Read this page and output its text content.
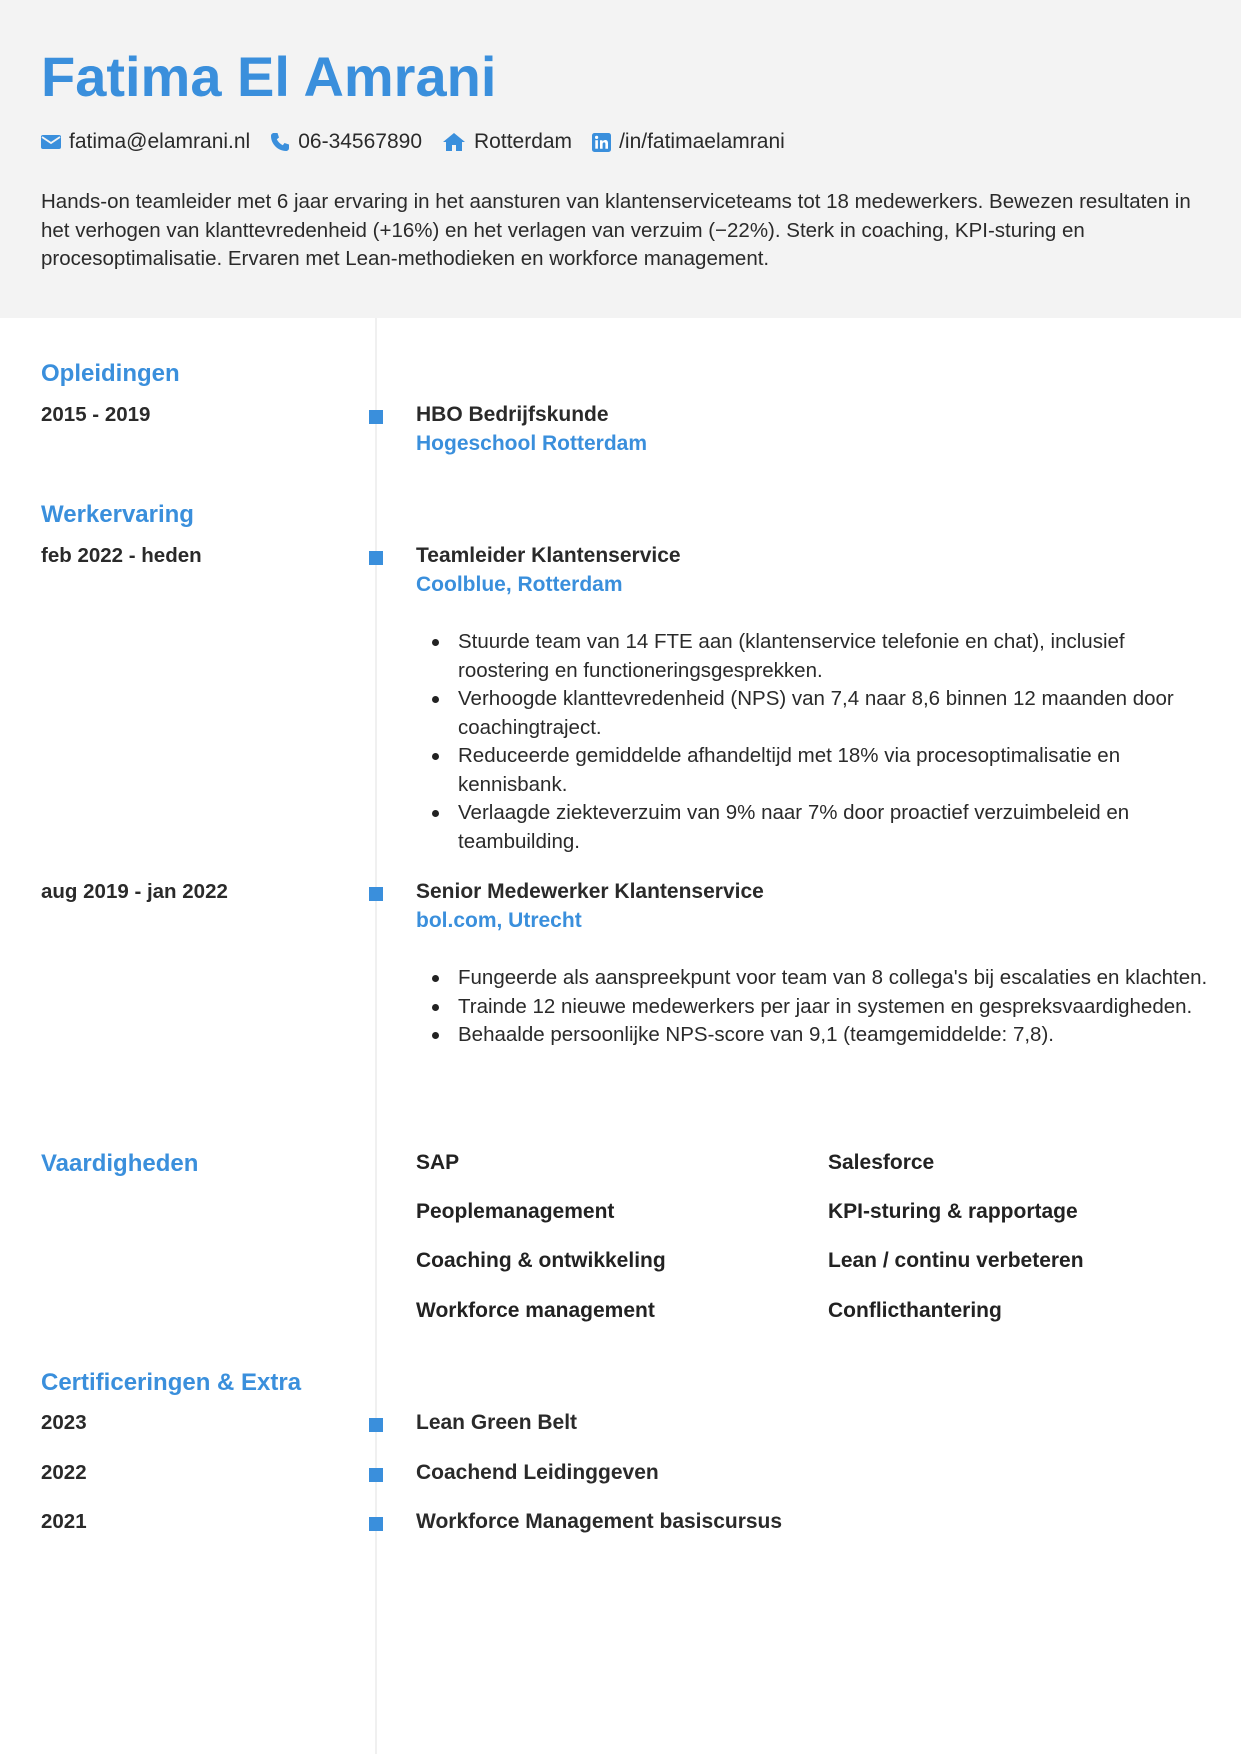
Fatima El Amrani
fatima@elamrani.nl 06-34567890 Rotterdam /in/fatimaelamrani

Hands-on teamleider met 6 jaar ervaring in het aansturen van klantenserviceteams tot 18 medewerkers. Bewezen resultaten in het verhogen van klanttevredenheid (+16%) en het verlagen van verzuim (−22%). Sterk in coaching, KPI-sturing en procesoptimalisatie. Ervaren met Lean-methodieken en workforce management.

Opleidingen
2015 - 2019	HBO Bedrijfskunde
Hogeschool Rotterdam
Werkervaring
feb 2022 - heden	Teamleider Klantenservice
Coolblue, Rotterdam
Stuurde team van 14 FTE aan (klantenservice telefonie en chat), inclusief roostering en functioneringsgesprekken.
Verhoogde klanttevredenheid (NPS) van 7,4 naar 8,6 binnen 12 maanden door coachingtraject.
Reduceerde gemiddelde afhandeltijd met 18% via procesoptimalisatie en kennisbank.
Verlaagde ziekteverzuim van 9% naar 7% door proactief verzuimbeleid en teambuilding.
aug 2019 - jan 2022	Senior Medewerker Klantenservice
bol.com, Utrecht
Fungeerde als aanspreekpunt voor team van 8 collega's bij escalaties en klachten.
Trainde 12 nieuwe medewerkers per jaar in systemen en gespreksvaardigheden.
Behaalde persoonlijke NPS-score van 9,1 (teamgemiddelde: 7,8).
Vaardigheden	SAP	Salesforce
Peoplemanagement	KPI-sturing & rapportage
Coaching & ontwikkeling	Lean / continu verbeteren
Workforce management	Conflicthantering
Certificeringen & Extra
2023	Lean Green Belt
2022	Coachend Leidinggeven
2021	Workforce Management basiscursus
